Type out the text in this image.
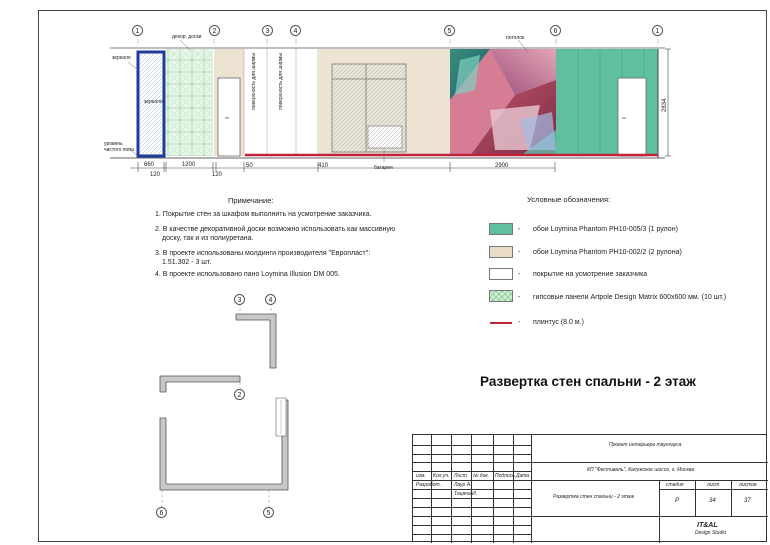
1	2	3	4	5	6	1
зеркало
декор. доски	потолок
уровень чистого пола
зеркало
батарея
поверхность для ширмы	поверхность для ширмы	2834
660
120
1200
120
50	410	2900
Примечание:
1. Покрытие стен за шкафом выполнить на усмотрение заказчика.
2. В качестве декоративной доски возможно использовать как массивную
доску, так и из полиуретана.
3. В проекте использованы молдинги производителя "Европласт":
1.51.302 - 3 шт.
4. В проекте использовано пано Loymina Illusion DM 005.
Условные обозначения:
- обои Loymina Phantom PH10-005/3 (1 рулон)
- обои Loymina Phantom PH10-002/2 (2 рулона)
- покрытие на усмотрение заказчика
- гипсовые панели Artpole Design Matrix 600х600 мм. (10 шт.)
- плинтус (8.0 м.)
3	4
2
6	5
Развертка стен спальни - 2 этаж
изм. Кол.уч. Лист № док. Подпись Дата
Разработ.	Лаур А.
Тацяна И.
Проект интерьера таунхауса
КП "Фестиваль", Калужское шоссе, г. Москва
Развертка стен спальни - 2 этаж
стадия	лист	листов
Р	34	37
IT&AL
Design Studio
